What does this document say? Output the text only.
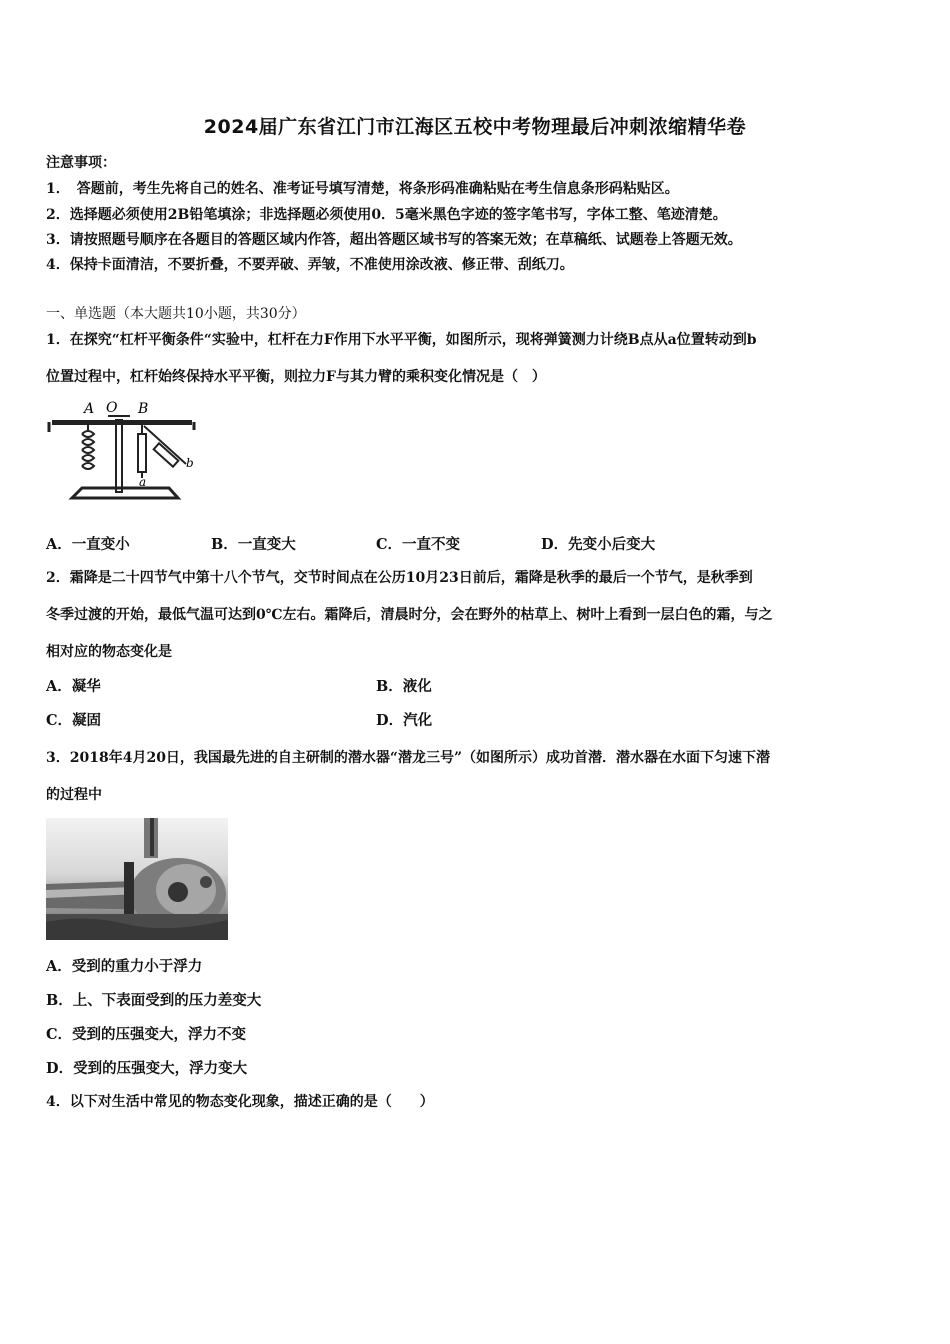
2024届广东省江门市江海区五校中考物理最后冲刺浓缩精华卷
注意事项：
1．　答题前，考生先将自己的姓名、准考证号填写清楚，将条形码准确粘贴在考生信息条形码粘贴区。
2．选择题必须使用2B铅笔填涂；非选择题必须使用0．5毫米黑色字迹的签字笔书写，字体工整、笔迹清楚。
3．请按照题号顺序在各题目的答题区域内作答，超出答题区域书写的答案无效；在草稿纸、试题卷上答题无效。
4．保持卡面清洁，不要折叠，不要弄破、弄皱，不准使用涂改液、修正带、刮纸刀。
一、单选题（本大题共10小题，共30分）
1．在探究“杠杆平衡条件“实验中，杠杆在力F作用下水平平衡，如图所示，现将弹簧测力计绕B点从a位置转动到b
位置过程中，杠杆始终保持水平平衡，则拉力F与其力臂的乘积变化情况是（　）
A O B
a
b
A．一直变小	B．一直变大	C．一直不变	D．先变小后变大
2．霜降是二十四节气中第十八个节气，交节时间点在公历10月23日前后，霜降是秋季的最后一个节气，是秋季到
冬季过渡的开始，最低气温可达到0℃左右。霜降后，清晨时分，会在野外的枯草上、树叶上看到一层白色的霜，与之
相对应的物态变化是
A．凝华	B．液化
C．凝固	D．汽化
3．2018年4月20日，我国最先进的自主研制的潜水器“潜龙三号”（如图所示）成功首潜．潜水器在水面下匀速下潜
的过程中
A．受到的重力小于浮力
B．上、下表面受到的压力差变大
C．受到的压强变大，浮力不变
D．受到的压强变大，浮力变大
4．以下对生活中常见的物态变化现象，描述正确的是（　　）
